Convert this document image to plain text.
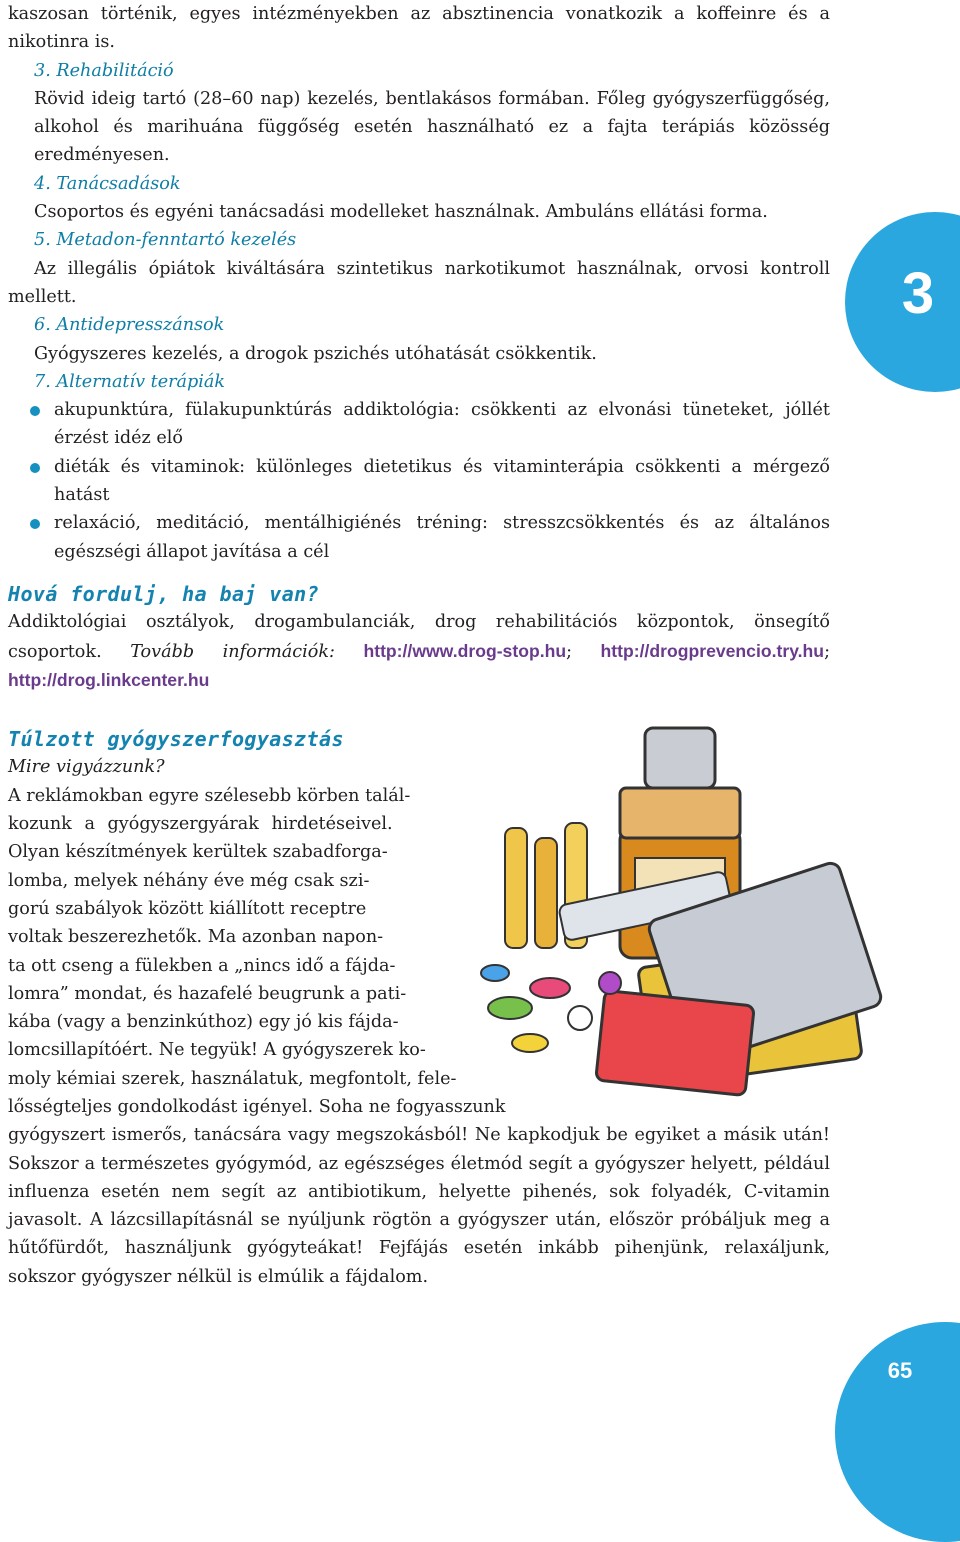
kaszosan történik, egyes intézményekben az absztinencia vonatkozik a koffeinre és a nikotinra is.

3. Rehabilitáció

Rövid ideig tartó (28–60 nap) kezelés, bentlakásos formában. Főleg gyógyszerfüggőség, alkohol és marihuána függőség esetén használható ez a fajta terápiás közösség eredményesen.

4. Tanácsadások

Csoportos és egyéni tanácsadási modelleket használnak. Ambuláns ellátási forma.

5. Metadon-fenntartó kezelés

Az illegális ópiátok kiváltására szintetikus narkotikumot használnak, orvosi kontroll mellett.

6. Antidepresszánsok

Gyógyszeres kezelés, a drogok pszichés utóhatását csökkentik.

7. Alternatív terápiák

akupunktúra, fülakupunktúrás addiktológia: csökkenti az elvonási tüneteket, jóllét érzést idéz elő

diéták és vitaminok: különleges dietetikus és vitaminterápia csökkenti a mérgező hatást

relaxáció, meditáció, mentálhigiénés tréning: stresszcsökkentés és az általános egészségi állapot javítása a cél

Hová fordulj, ha baj van?

Addiktológiai osztályok, drogambulanciák, drog rehabilitációs központok, önsegítő csoportok. Tovább információk: http://www.drog-stop.hu; http://drogprevencio.try.hu; http://drog.linkcenter.hu

Túlzott gyógyszerfogyasztás

Mire vigyázzunk?

A reklámokban egyre szélesebb körben talál-

kozunk a gyógyszergyárak hirdetéseivel.

Olyan készítmények kerültek szabadforga-

lomba, melyek néhány éve még csak szi-

gorú szabályok között kiállított receptre

voltak beszerezhetők. Ma azonban napon-

ta ott cseng a fülekben a „nincs idő a fájda-

lomra” mondat, és hazafelé beugrunk a pati-

kába (vagy a benzinkúthoz) egy jó kis fájda-

lomcsillapítóért. Ne tegyük! A gyógyszerek ko-

moly kémiai szerek, használatuk, megfontolt, fele-

lősségteljes gondolkodást igényel. Soha ne fogyasszunk

gyógyszert ismerős, tanácsára vagy megszokásból! Ne kapkodjuk be egyiket a másik után! Sokszor a természetes gyógymód, az egészséges életmód segít a gyógyszer helyett, például influenza esetén nem segít az antibiotikum, helyette pihenés, sok folyadék, C-vitamin javasolt. A lázcsillapításnál se nyúljunk rögtön a gyógyszer után, először próbáljuk meg a hűtőfürdőt, használjunk gyógyteákat! Fejfájás esetén inkább pihenjünk, relaxáljunk, sokszor gyógyszer nélkül is elmúlik a fájdalom.

3
65
